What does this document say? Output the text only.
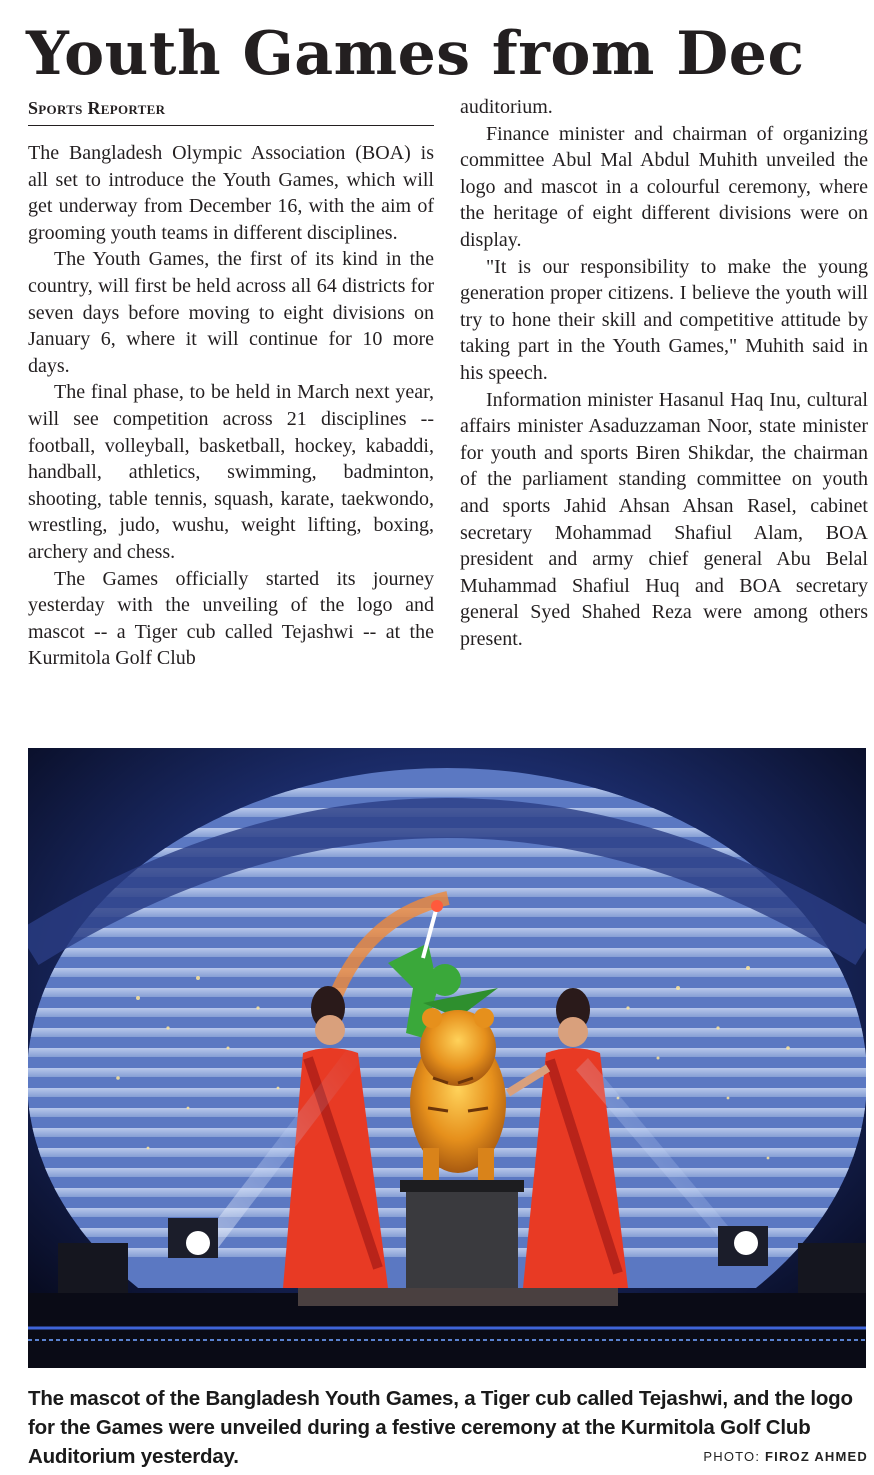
Youth Games from Dec
Sports Reporter

The Bangladesh Olympic Association (BOA) is all set to introduce the Youth Games, which will get underway from December 16, with the aim of grooming youth teams in different disciplines.

The Youth Games, the first of its kind in the country, will first be held across all 64 districts for seven days before moving to eight divisions on January 6, where it will continue for 10 more days.

The final phase, to be held in March next year, will see competition across 21 disciplines -- football, volleyball, basketball, hockey, kabaddi, handball, athletics, swimming, badminton, shooting, table tennis, squash, karate, taekwondo, wrestling, judo, wushu, weight lifting, boxing, archery and chess.

The Games officially started its journey yesterday with the unveiling of the logo and mascot -- a Tiger cub called Tejashwi -- at the Kurmitola Golf Club

auditorium.

Finance minister and chairman of organizing committee Abul Mal Abdul Muhith unveiled the logo and mascot in a colourful ceremony, where the heritage of eight different divisions were on display.

"It is our responsibility to make the young generation proper citizens. I believe the youth will try to hone their skill and competitive attitude by taking part in the Youth Games," Muhith said in his speech.

Information minister Hasanul Haq Inu, cultural affairs minister Asaduzzaman Noor, state minister for youth and sports Biren Shikdar, the chairman of the parliament standing committee on youth and sports Jahid Ahsan Ahsan Rasel, cabinet secretary Mohammad Shafiul Alam, BOA president and army chief general Abu Belal Muhammad Shafiul Huq and BOA secretary general Syed Shahed Reza were among others present.

The mascot of the Bangladesh Youth Games, a Tiger cub called Tejashwi, and the logo for the Games were unveiled during a festive ceremony at the Kurmitola Golf Club Auditorium yesterday.	PHOTO: FIROZ AHMED
